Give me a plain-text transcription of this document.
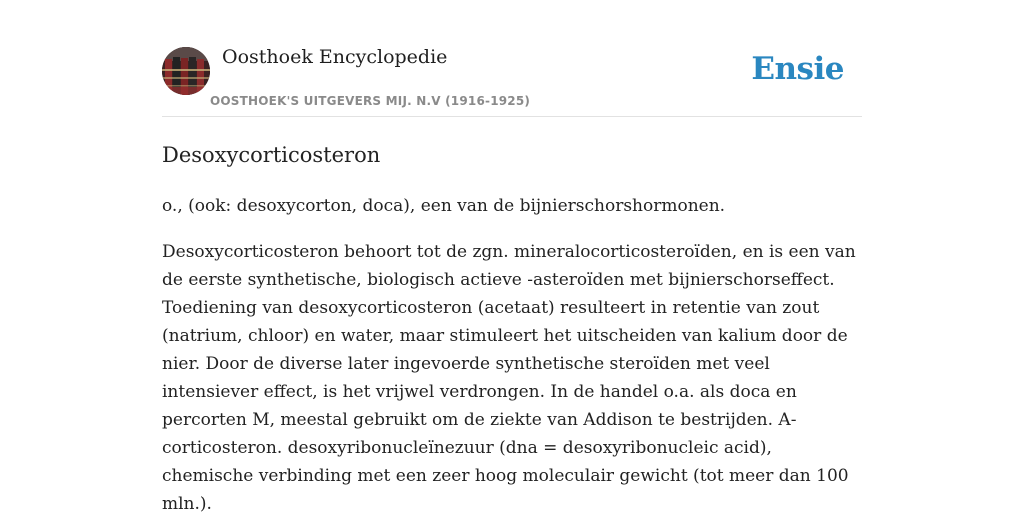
Oosthoek Encyclopedie
OOSTHOEK'S UITGEVERS MIJ. N.V (1916-1925)
Ensie
Desoxycorticosteron

o., (ook: desoxycorton, doca), een van de bijnierschorshormonen.

Desoxycorticosteron behoort tot de zgn. mineralocorticosteroïden, en is een van de eerste synthetische, biologisch actieve -asteroïden met bijnierschorseffect. Toediening van desoxycorticosteron (acetaat) resulteert in retentie van zout (natrium, chloor) en water, maar stimuleert het uitscheiden van kalium door de nier. Door de diverse later ingevoerde synthetische steroïden met veel intensiever effect, is het vrijwel verdrongen. In de handel o.a. als doca en percorten M, meestal gebruikt om de ziekte van Addison te bestrijden. A-corticosteron. desoxyribonucleïnezuur (dna = desoxyribonucleic acid), chemische verbinding met een zeer hoog moleculair gewicht (tot meer dan 100 mln.).
